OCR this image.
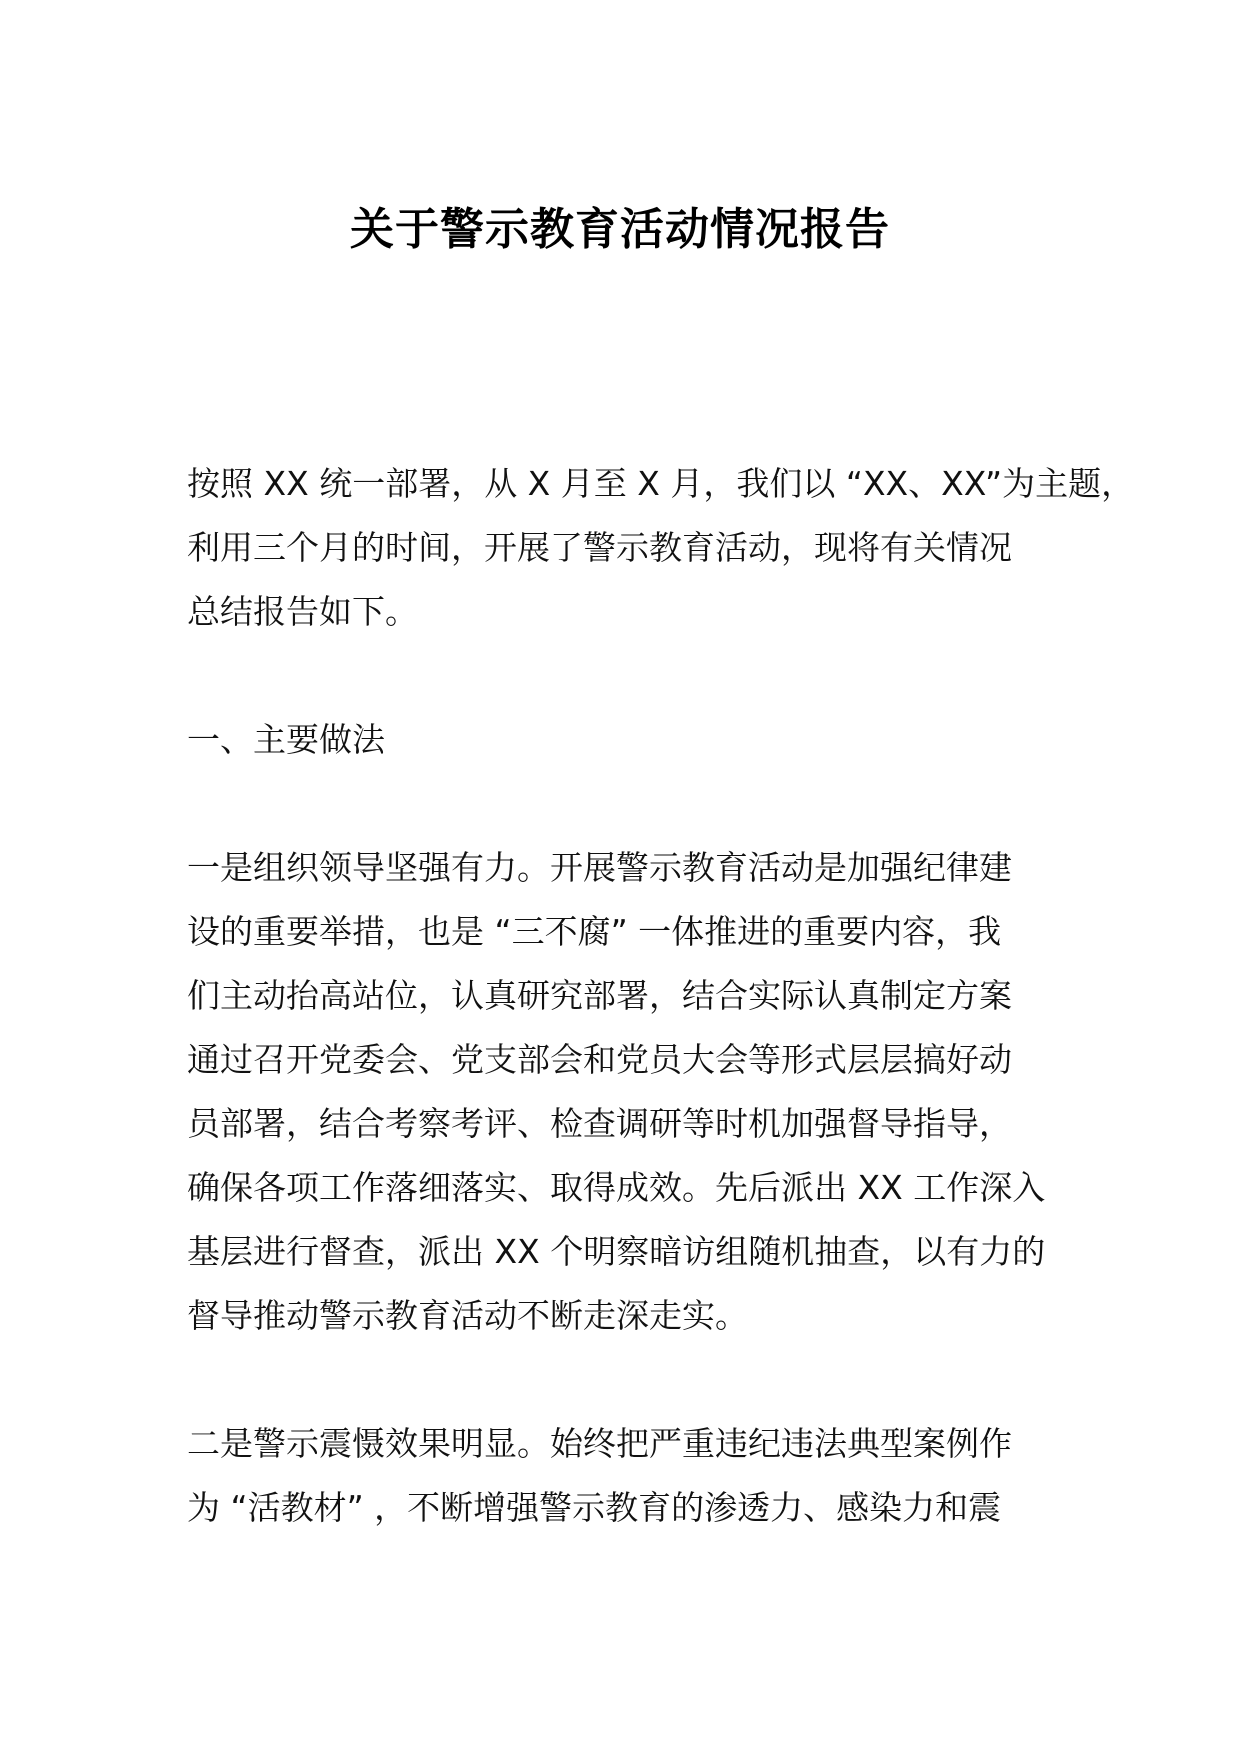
关于警示教育活动情况报告
按照 XX 统一部署，从 X 月至 X 月，我们以 “XX、XX”为主题，
利用三个月的时间，开展了警示教育活动，现将有关情况
总结报告如下。
一、主要做法
一是组织领导坚强有力。开展警示教育活动是加强纪律建
设的重要举措，也是 “三不腐” 一体推进的重要内容，我
们主动抬高站位，认真研究部署，结合实际认真制定方案
通过召开党委会、党支部会和党员大会等形式层层搞好动
员部署，结合考察考评、检查调研等时机加强督导指导，
确保各项工作落细落实、取得成效。先后派出 XX 工作深入
基层进行督查，派出 XX 个明察暗访组随机抽查，以有力的
督导推动警示教育活动不断走深走实。
二是警示震慑效果明显。始终把严重违纪违法典型案例作
为 “活教材” ，不断增强警示教育的渗透力、感染力和震
